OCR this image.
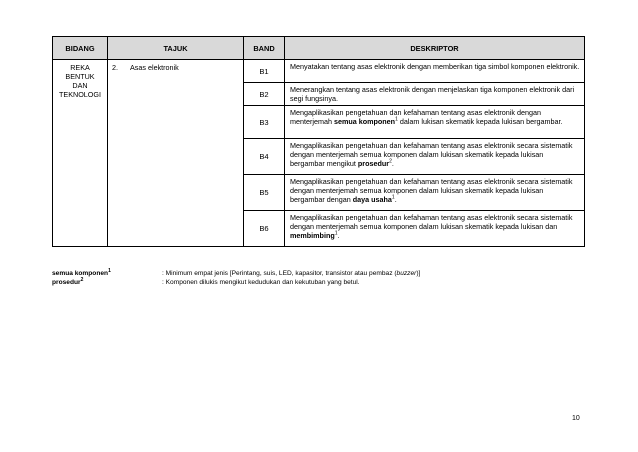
BIDANG	TAJUK	BAND	DESKRIPTOR

REKA
BENTUK
DAN
TEKNOLOGI	2. Asas elektronik	B1	Menyatakan tentang asas elektronik dengan memberikan tiga simbol komponen elektronik.
		B2	Menerangkan tentang asas elektronik dengan menjelaskan tiga komponen elektronik dari segi fungsinya.
		B3	Mengaplikasikan pengetahuan dan kefahaman tentang asas elektronik dengan menterjemah semua komponen$^1$ dalam lukisan skematik kepada lukisan bergambar.
		B4	Mengaplikasikan pengetahuan dan kefahaman tentang asas elektronik secara sistematik dengan menterjemah semua komponen dalam lukisan skematik kepada lukisan bergambar mengikut prosedur$^2$.
		B5	Mengaplikasikan pengetahuan dan kefahaman tentang asas elektronik secara sistematik dengan menterjemah semua komponen dalam lukisan skematik kepada lukisan bergambar dengan daya usaha$^1$.
		B6	Mengaplikasikan pengetahuan dan kefahaman tentang asas elektronik secara sistematik dengan menterjemah semua komponen dalam lukisan skematik kepada lukisan dan membimbing$^1$.
semua komponen$^1$	: Minimum empat jenis [Perintang, suis, LED, kapasitor, transistor atau pembaz (buzzer)]
prosedur$^2$	: Komponen dilukis mengikut kedudukan dan kekutuban yang betul.
10
